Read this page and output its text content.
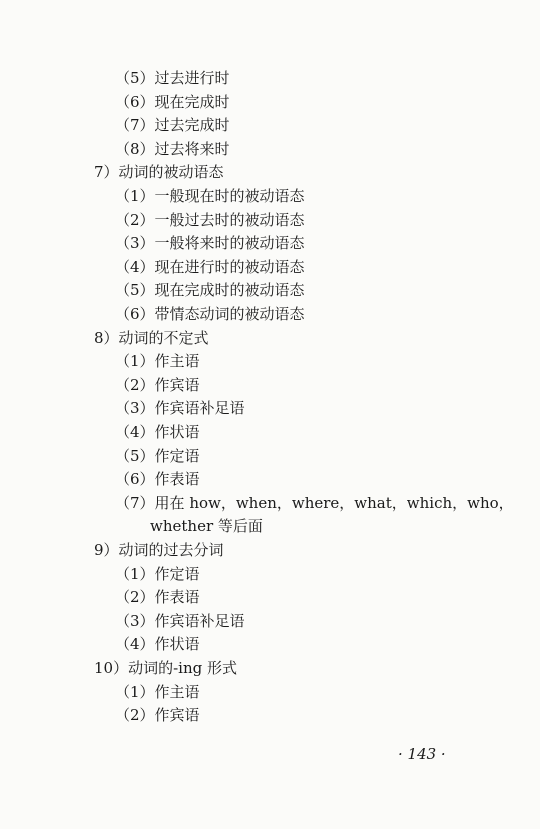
（5）过去进行时
（6）现在完成时
（7）过去完成时
（8）过去将来时
7）动词的被动语态
（1）一般现在时的被动语态
（2）一般过去时的被动语态
（3）一般将来时的被动语态
（4）现在进行时的被动语态
（5）现在完成时的被动语态
（6）带情态动词的被动语态
8）动词的不定式
（1）作主语
（2）作宾语
（3）作宾语补足语
（4）作状语
（5）作定语
（6）作表语
（7）用在 how，when，where，what，which，who，
whether 等后面
9）动词的过去分词
（1）作定语
（2）作表语
（3）作宾语补足语
（4）作状语
10）动词的-ing 形式
（1）作主语
（2）作宾语
· 143 ·
